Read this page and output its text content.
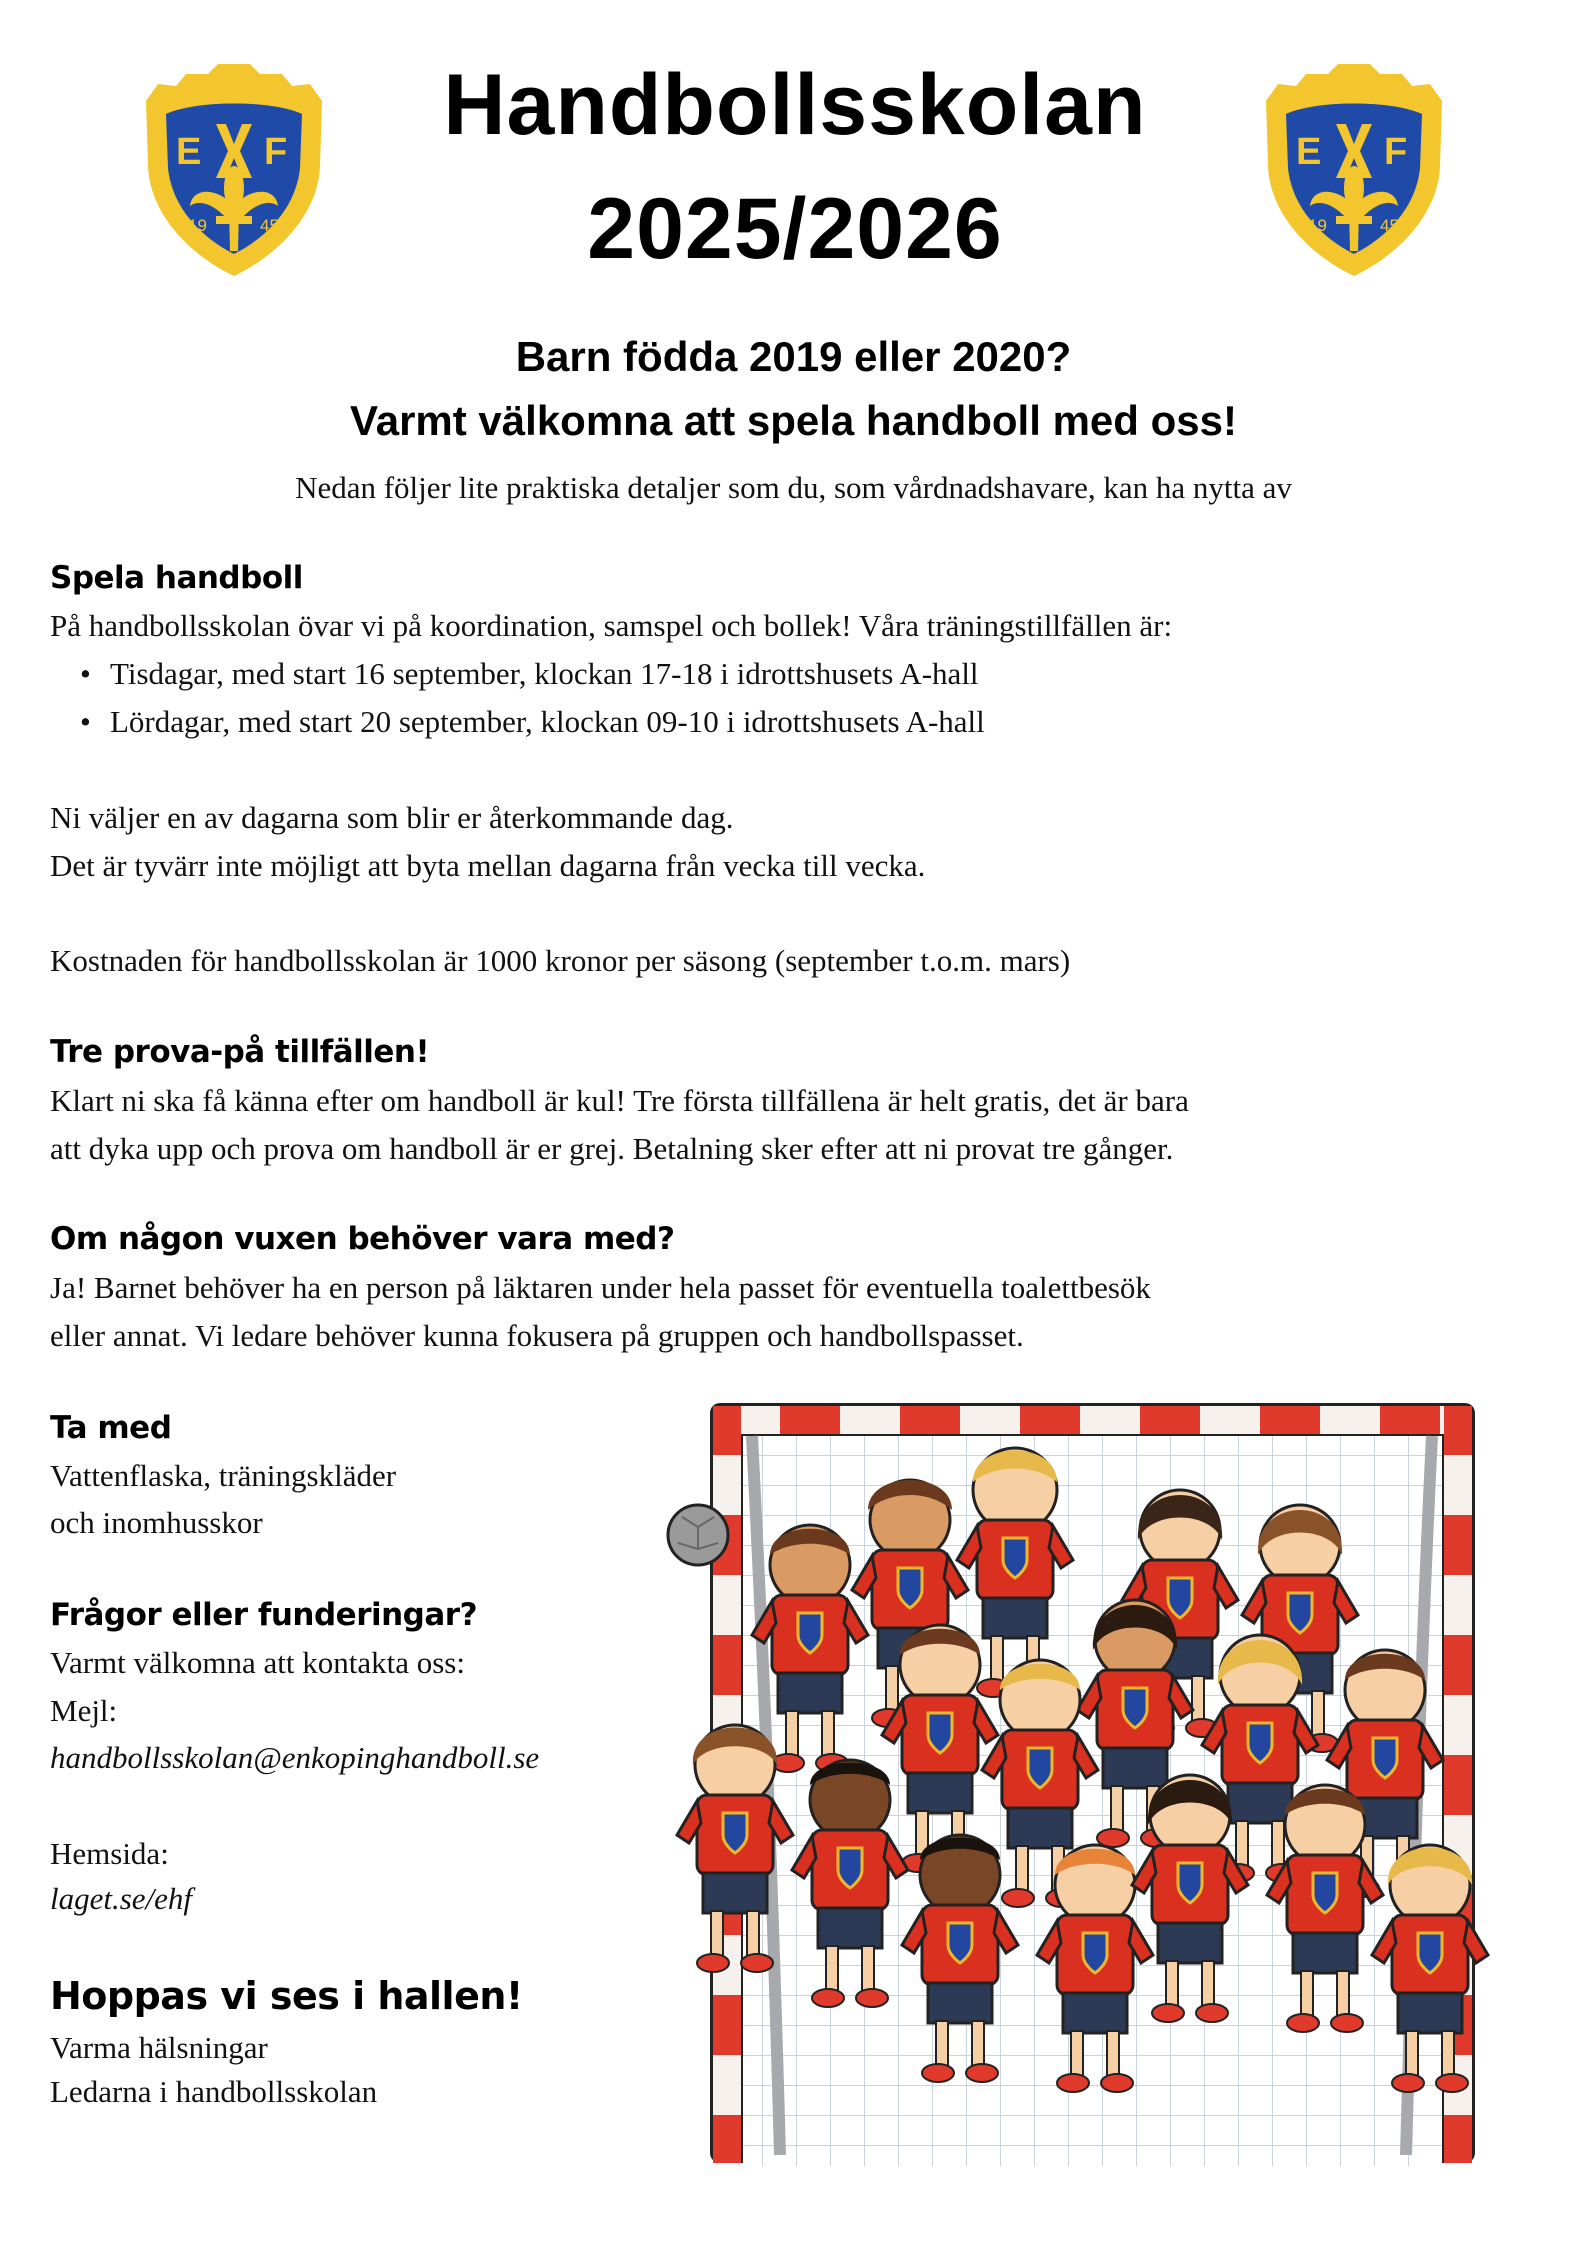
E F
19	45
E F
19	45
Handbollsskolan
2025/2026
Barn födda 2019 eller 2020?
Varmt välkomna att spela handboll med oss!
Nedan följer lite praktiska detaljer som du, som vårdnadshavare, kan ha nytta av
Spela handboll
På handbollsskolan övar vi på koordination, samspel och bollek! Våra träningstillfällen är:
• Tisdagar, med start 16 september, klockan 17-18 i idrottshusets A-hall
• Lördagar, med start 20 september, klockan 09-10 i idrottshusets A-hall
Ni väljer en av dagarna som blir er återkommande dag.
Det är tyvärr inte möjligt att byta mellan dagarna från vecka till vecka.
Kostnaden för handbollsskolan är 1000 kronor per säsong (september t.o.m. mars)
Tre prova-på tillfällen!
Klart ni ska få känna efter om handboll är kul! Tre första tillfällena är helt gratis, det är bara
att dyka upp och prova om handboll är er grej. Betalning sker efter att ni provat tre gånger.
Om någon vuxen behöver vara med?
Ja! Barnet behöver ha en person på läktaren under hela passet för eventuella toalettbesök
eller annat. Vi ledare behöver kunna fokusera på gruppen och handbollspasset.
Ta med
Vattenflaska, träningskläder
och inomhusskor
Frågor eller funderingar?
Varmt välkomna att kontakta oss:
Mejl:
handbollsskolan@enkopinghandboll.se
Hemsida:
laget.se/ehf
Hoppas vi ses i hallen!
Varma hälsningar
Ledarna i handbollsskolan
